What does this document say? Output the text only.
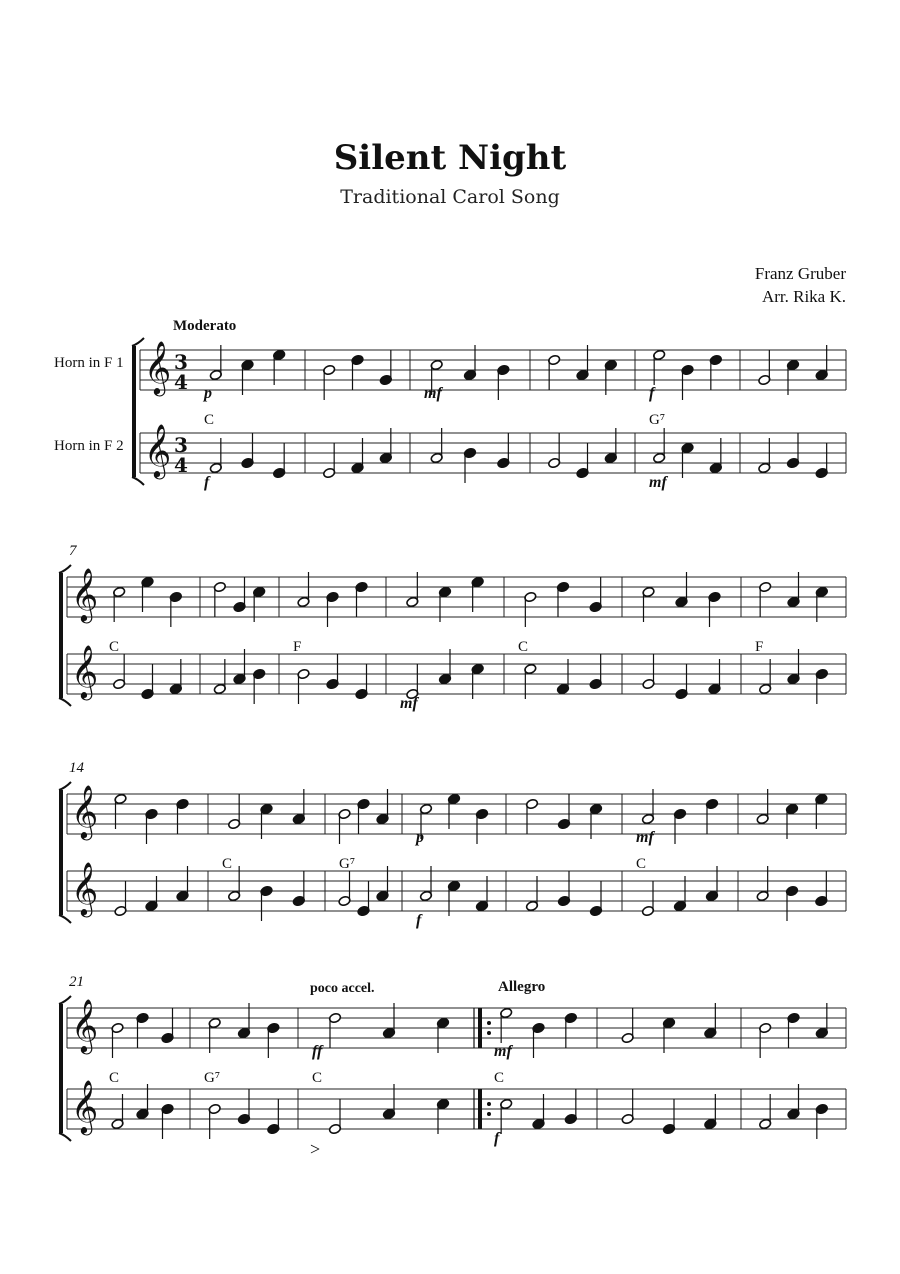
Silent Night
Traditional Carol Song
Franz Gruber
Arr. Rika K.
𝄞
𝄞
3
4
3
4
p
f
C
mf	f
mf
G⁷
𝄞
𝄞
7
C	F
mf
C	F
𝄞
𝄞
14
C	G⁷
p
f
mf
C
𝄞
𝄞
21
C	G⁷
ff
C
mf
f
C
Horn in F 1
Horn in F 2
Moderato
poco accel.	Allegro
>
